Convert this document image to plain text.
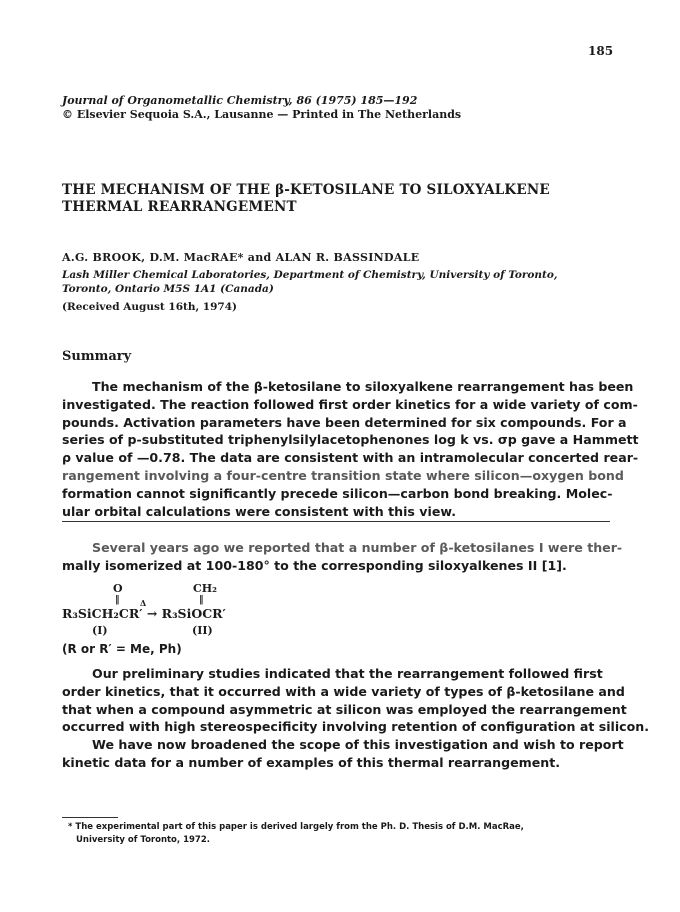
185
Journal of Organometallic Chemistry, 86 (1975) 185—192
© Elsevier Sequoia S.A., Lausanne — Printed in The Netherlands
THE MECHANISM OF THE β-KETOSILANE TO SILOXYALKENE
THERMAL REARRANGEMENT
A.G. BROOK, D.M. MacRAE* and ALAN R. BASSINDALE
Lash Miller Chemical Laboratories, Department of Chemistry, University of Toronto,
Toronto, Ontario M5S 1A1 (Canada)
(Received August 16th, 1974)
Summary
The mechanism of the β-ketosilane to siloxyalkene rearrangement has been
investigated. The reaction followed first order kinetics for a wide variety of com-
pounds. Activation parameters have been determined for six compounds. For a
series of p-substituted triphenylsilylacetophenones log k vs. σp gave a Hammett
ρ value of —0.78. The data are consistent with an intramolecular concerted rear-
rangement involving a four-centre transition state where silicon—oxygen bond
formation cannot significantly precede silicon—carbon bond breaking. Molec-
ular orbital calculations were consistent with this view.
Several years ago we reported that a number of β-ketosilanes I were ther-
mally isomerized at 100-180° to the corresponding siloxyalkenes II [1].
O	CH₂
‖	‖
Δ
R₃SiCH₂CR′ → R₃SiOCR′
(I)	(II)
(R or R′ = Me, Ph)
Our preliminary studies indicated that the rearrangement followed first
order kinetics, that it occurred with a wide variety of types of β-ketosilane and
that when a compound asymmetric at silicon was employed the rearrangement
occurred with high stereospecificity involving retention of configuration at silicon.
We have now broadened the scope of this investigation and wish to report
kinetic data for a number of examples of this thermal rearrangement.
* The experimental part of this paper is derived largely from the Ph. D. Thesis of D.M. MacRae,
University of Toronto, 1972.
